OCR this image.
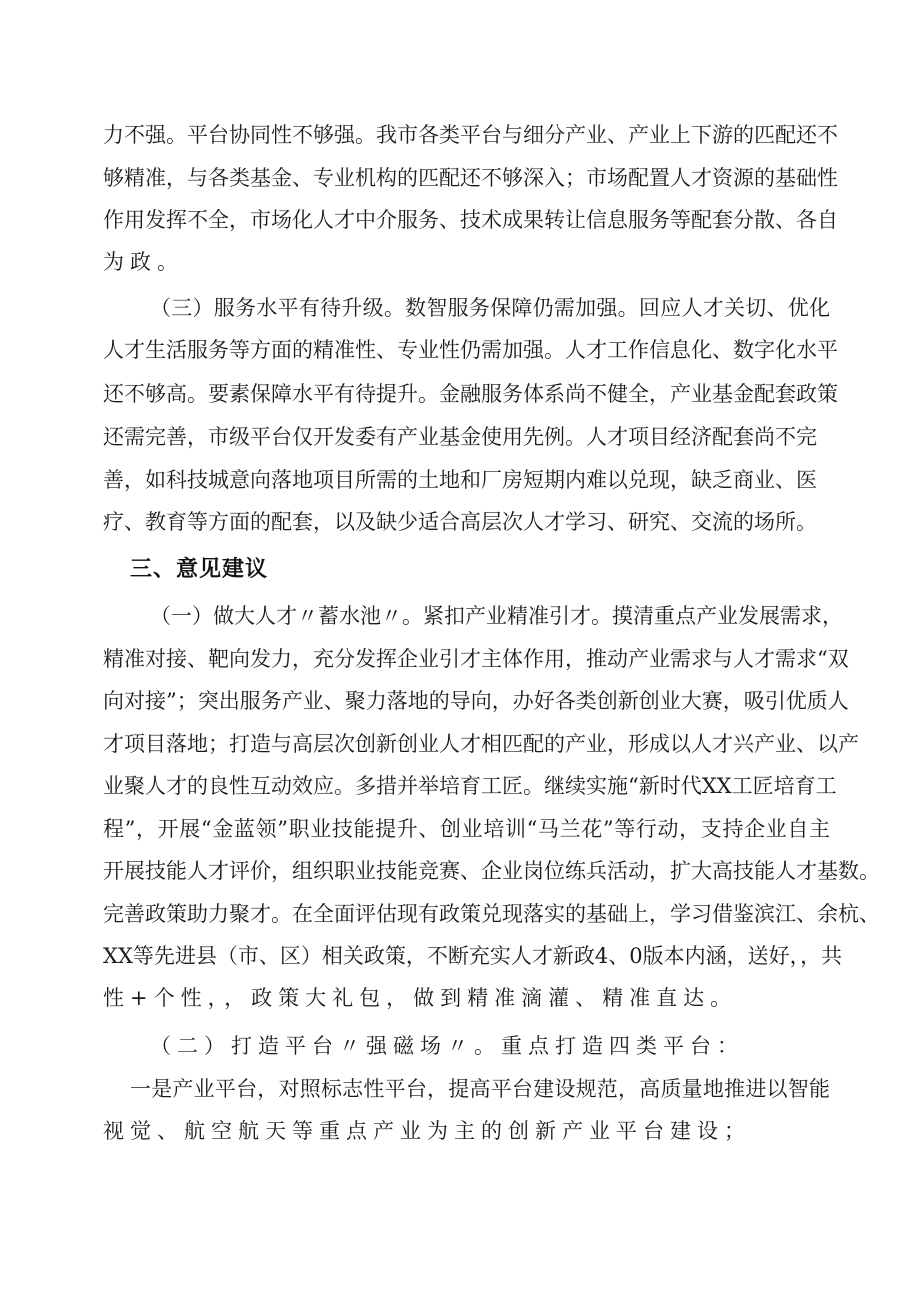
力不强。平台协同性不够强。我市各类平台与细分产业、产业上下游的匹配还不
够精准，与各类基金、专业机构的匹配还不够深入；市场配置人才资源的基础性
作用发挥不全，市场化人才中介服务、技术成果转让信息服务等配套分散、各自
为政。
（三）服务水平有待升级。数智服务保障仍需加强。回应人才关切、优化
人才生活服务等方面的精准性、专业性仍需加强。人才工作信息化、数字化水平
还不够高。要素保障水平有待提升。金融服务体系尚不健全，产业基金配套政策
还需完善，市级平台仅开发委有产业基金使用先例。人才项目经济配套尚不完
善，如科技城意向落地项目所需的土地和厂房短期内难以兑现，缺乏商业、医
疗、教育等方面的配套，以及缺少适合高层次人才学习、研究、交流的场所。
三、意见建议
（一）做大人才〃蓄水池〃。紧扣产业精准引才。摸清重点产业发展需求，
精准对接、靶向发力，充分发挥企业引才主体作用，推动产业需求与人才需求“双
向对接”；突出服务产业、聚力落地的导向，办好各类创新创业大赛，吸引优质人
才项目落地；打造与高层次创新创业人才相匹配的产业，形成以人才兴产业、以产
业聚人才的良性互动效应。多措并举培育工匠。继续实施“新时代XX工匠培育工
程”，开展“金蓝领”职业技能提升、创业培训“马兰花”等行动，支持企业自主
开展技能人才评价，组织职业技能竞赛、企业岗位练兵活动，扩大高技能人才基数。
完善政策助力聚才。在全面评估现有政策兑现落实的基础上，学习借鉴滨江、余杭、
XX等先进县（市、区）相关政策，不断充实人才新政4、0版本内涵，送好，，共
性+个性，，政策大礼包，做到精准滴灌、精准直达。
（二）打造平台〃强磁场〃。重点打造四类平台：
一是产业平台，对照标志性平台，提高平台建设规范，高质量地推进以智能
视觉、航空航天等重点产业为主的创新产业平台建设；
